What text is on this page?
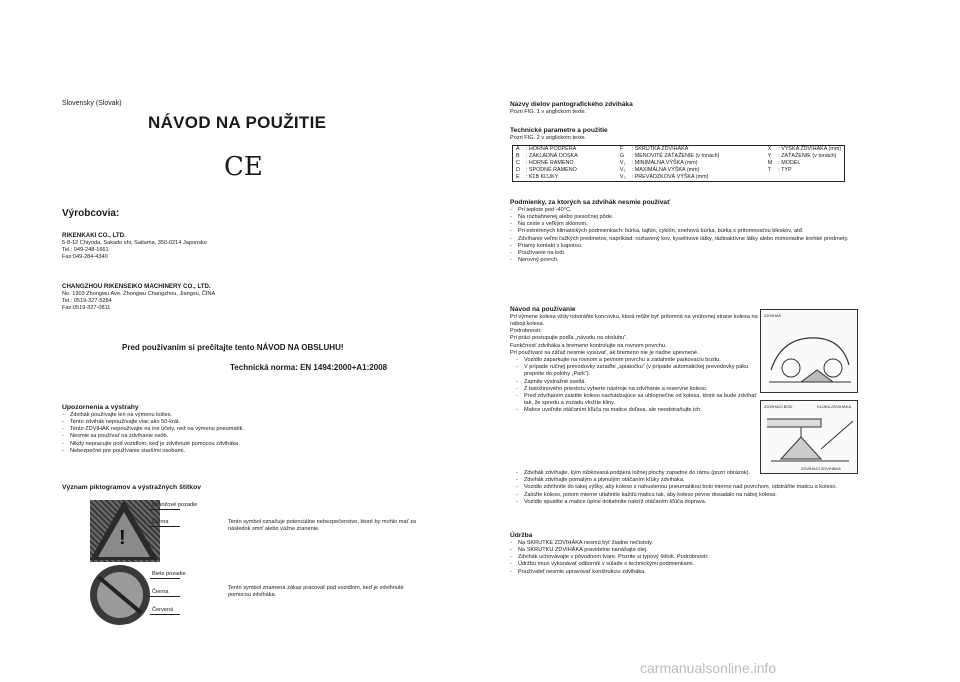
Slovensky (Slovak)
NÁVOD NA POUŽITIE
CE
Výrobcovia:
RIKENKAKI CO., LTD.
5-8-12 Chiyoda, Sakado shi, Saitama, 350-0214 Japonsko
Tel.: 049-248-1661
Fax:049-284-4340
CHANGZHOU RIKENSEIKO MACHINERY CO., LTD.
No. 1903 Zhongwu Ave. Zhongwu Changzhou, Jiangsu, ČÍNA
Tel.: 0519-327-5284
Fax:0519-327-0811
Pred používaním si prečítajte tento NÁVOD NA OBSLUHU!
Technická norma: EN 1494:2000+A1:2008
Upozornenia a výstrahy
- Zdvihák používajte len na výmenu kolies.
- Tento zdvihák nepoužívajte viac ako 50-krát.
- Tento ZDVIHÁK nepoužívajte na iné účely, než na výmenu pneumatík.
- Nesmie sa používať na zdvíhanie osôb.
- Nikdy nepracujte pod vozidlom, keď je zdvihnuté pomocou zdviháka.
- Nebezpečné pre používanie staršími osobami.
Význam piktogramov a výstražných štítkov
!
Oranžové pozadie
Čierna	Tento symbol označuje potenciálne nebezpečenstvo, ktoré by mohlo mať za následok smrť alebo vážne zranenie.
Biele pozadie
Čierna
Červená
Tento symbol znamená zákaz pracovať pod vozidlom, keď je zdvihnuté pomocou zdviháka.
Názvy dielov pantografického zdviháka
Pozri FIG. 1 v anglickom texte.
Technické parametre a použitie
Pozri FIG. 2 v anglickom texte.
A	: HORNÁ PODPERA	F	: SKRUTKA ZDVIHÁKA	X	: VÝŠKA ZDVIHÁKA (mm)
B	: ZÁKLADNÁ DOSKA	G	: MENOVITÉ ZAŤAŽENIE (v tonách)	Y	: ZAŤAŽENIE (v tonách)
C	: HORNÉ RAMENO	V₁	: MINIMÁLNA VÝŠKA (mm)	M	: MODEL
D	: SPODNÉ RAMENO	V₂	: MAXIMÁLNA VÝŠKA (mm)	T	: TYP
E	: KĽB KĽUKY	V₃	: PREVÁDZKOVÁ VÝŠKA (mm)		
Podmienky, za ktorých sa zdvihák nesmie používať
- Pri teplote pod -40°C.
- Na rozbahnenej alebo piesočnej pôde.
- Na ceste s veľkým sklonom.
- Pri extrémnych klimatických podmienkach: búrka, tajfún, cyklón, snehová búrka, búrka s prítomnosťou bleskov, atď.
- Zdvíhanie veľmi ťažkých predmetov, napríklad: roztavený kov, kyselinové látky, rádioaktívne látky alebo mimoriadne krehké predmety.
- Priamy kontakt s kapotou.
- Používanie na lodi.
- Nerovný povrch.
Návod na používanie
Pri výmene kolesa vždy odstráňte koncovku, ktorá môže byť prítomná na vnútornej strane kolesa na náboji kolesa.
Podrobnosti:
Pri práci postupujte podľa „návodu na obsluhu“.
Funkčnosť zdviháka a bremeno kontrolujte na rovnom povrchu.
Pri používaní sa záťaž nesmie vysúvať, ak bremeno nie je riadne upevnené.
- Vozidlo zaparkujte na rovnom a pevnom povrchu a zatiahnite parkovaciu brzdu.
- V prípade ručnej prevodovky zaraďte „spiatočku“ (v prípade automatickej prevodovky páku prepnite do polohy „Park“).
- Zapnite výstražné svetlá.
- Z batožinového priestoru vyberte nástroje na zdvíhanie a rezervné koleso.
- Pred zdvíhaním zaistite koleso nachádzajúce sa uhlopriečne od kolesa, ktoré sa bude zdvíhať tak, že spredu a zozadu vložíte kliny.
- Matice uvoľnite otáčaním kľúča na matice doľava, ale neodstraňujte ich.
- Zdvihák zdvíhajte, kým rúbkovaná podpera ložnej plochy zapadne do rámu (pozri obrázok).
- Zdvihák zdvíhajte pomalým a plynulým otáčaním kľuky zdviháka.
- Vozidlo zdvíhnite do takej výšky, aby koleso s nahustenou pneumatikou bolo mierne nad povrchom, odstráňte maticu a koleso.
- Založte koleso, potom mierne utiahnite každú maticu tak, aby koleso pevne dosadalo na náboj kolesa.
- Vozidlo spustite a matice úplne dotiahnite nakríž otáčaním kľúča doprava.
ZDVIHÁK
ZDVIHACÍ BOD	KĽÚKA ZDVIHÁKA
ZDVÍHACÍ ZDVIHÁKA
Údržba
- Na SKRUTKE ZDVIHÁKA nesmú byť žiadne nečistoty.
- Na SKRUTKU ZDVIHÁKA pravidelne nanášajte olej.
- Zdvihák uchovávajte v pôvodnom tvare. Pozrite si typový štítok. Podrobnosti:
- Údržbu musí vykonávať odborník v súlade s technickými podmienkami.
- Používateľ nesmie upravovať konštrukciu zdviháka.
carmanualsonline.info
